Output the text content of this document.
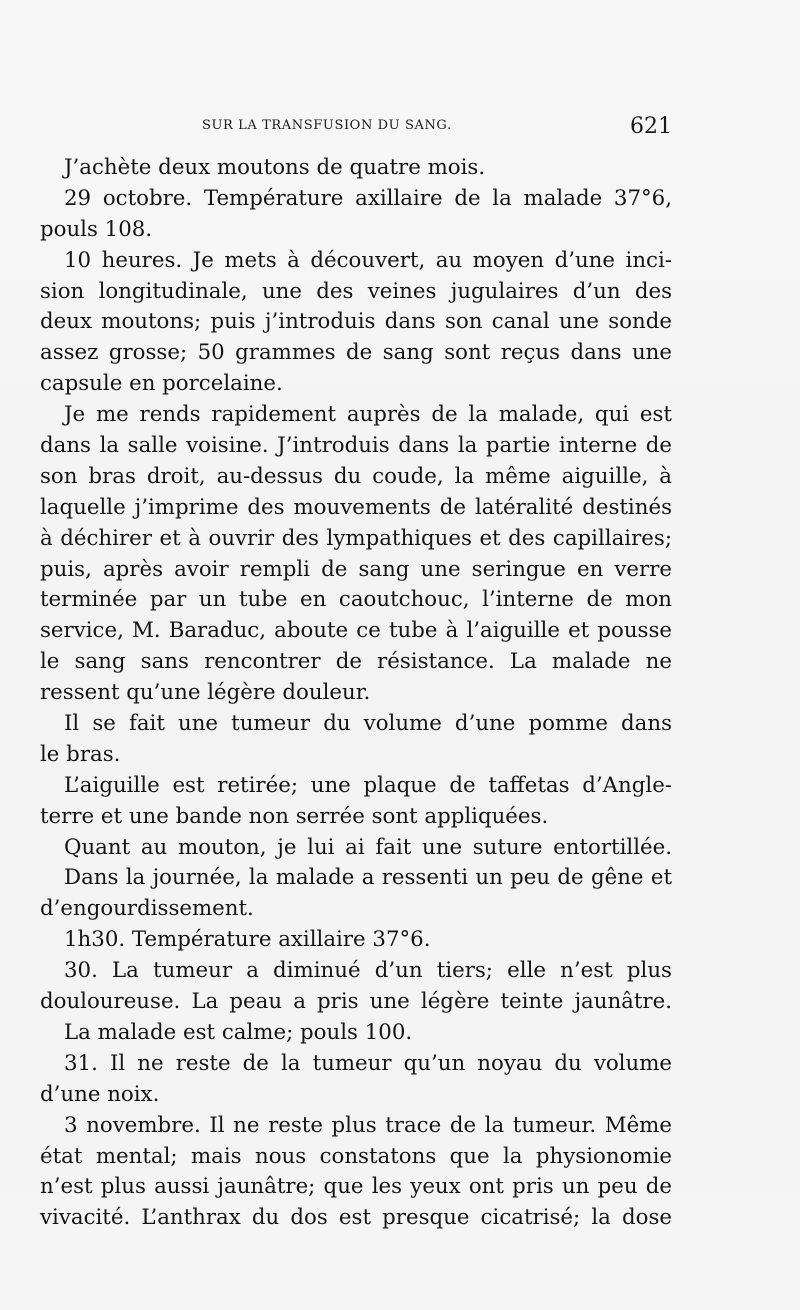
SUR LA TRANSFUSION DU SANG.	621
J’achète deux moutons de quatre mois.
29 octobre. Température axillaire de la malade 37°6,
pouls 108.
10 heures. Je mets à découvert, au moyen d’une inci-
sion longitudinale, une des veines jugulaires d’un des
deux moutons; puis j’introduis dans son canal une sonde
assez grosse; 50 grammes de sang sont reçus dans une
capsule en porcelaine.
Je me rends rapidement auprès de la malade, qui est
dans la salle voisine. J’introduis dans la partie interne de
son bras droit, au-dessus du coude, la même aiguille, à
laquelle j’imprime des mouvements de latéralité destinés
à déchirer et à ouvrir des lympathiques et des capillaires;
puis, après avoir rempli de sang une seringue en verre
terminée par un tube en caoutchouc, l’interne de mon
service, M. Baraduc, aboute ce tube à l’aiguille et pousse
le sang sans rencontrer de résistance. La malade ne
ressent qu’une légère douleur.
Il se fait une tumeur du volume d’une pomme dans
le bras.
L’aiguille est retirée; une plaque de taffetas d’Angle-
terre et une bande non serrée sont appliquées.
Quant au mouton, je lui ai fait une suture entortillée.
Dans la journée, la malade a ressenti un peu de gêne et
d’engourdissement.
1h30. Température axillaire 37°6.
30. La tumeur a diminué d’un tiers; elle n’est plus
douloureuse. La peau a pris une légère teinte jaunâtre.
La malade est calme; pouls 100.
31. Il ne reste de la tumeur qu’un noyau du volume
d’une noix.
3 novembre. Il ne reste plus trace de la tumeur. Même
état mental; mais nous constatons que la physionomie
n’est plus aussi jaunâtre; que les yeux ont pris un peu de
vivacité. L’anthrax du dos est presque cicatrisé; la dose
